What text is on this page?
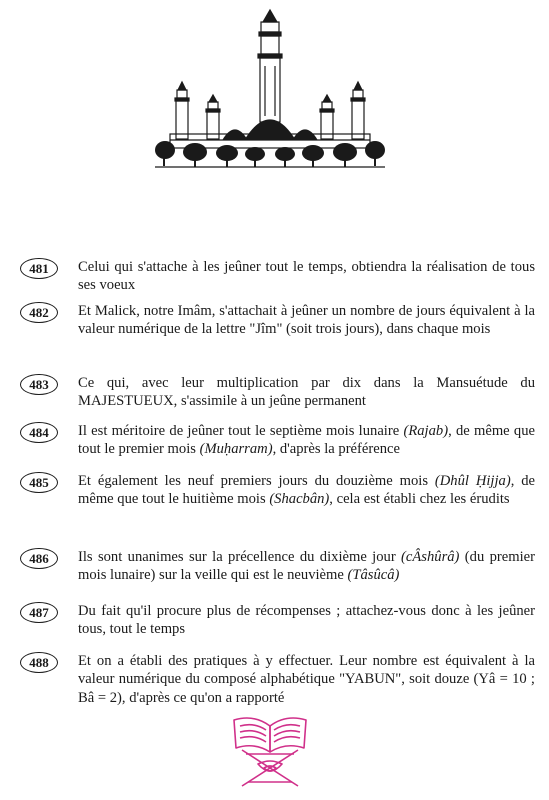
481	Celui qui s'attache à les jeûner tout le temps, obtiendra la réalisation de tous ses voeux

482	Et Malick, notre Imâm, s'attachait à jeûner un nombre de jours équivalent à la valeur numérique de la lettre "Jîm" (soit trois jours), dans chaque mois

483	Ce qui, avec leur multiplication par dix dans la Mansuétude du MAJESTUEUX, s'assimile à un jeûne permanent

484	Il est méritoire de jeûner tout le septième mois lunaire (Rajab), de même que tout le premier mois (Muḥarram), d'après la préférence

485	Et également les neuf premiers jours du douzième mois (Dhûl Ḥijja), de même que tout le huitième mois (Shacbân), cela est établi chez les érudits

486	Ils sont unanimes sur la précellence du dixième jour (cÂshûrâ) (du premier mois lunaire) sur la veille qui est le neuvième (Tâsûcâ)

487	Du fait qu'il procure plus de récompenses ; attachez-vous donc à les jeûner tous, tout le temps

488	Et on a établi des pratiques à y effectuer. Leur nombre est équivalent à la valeur numérique du composé alphabétique "YABUN", soit douze (Yâ = 10 ; Bâ = 2), d'après ce qu'on a rapporté
